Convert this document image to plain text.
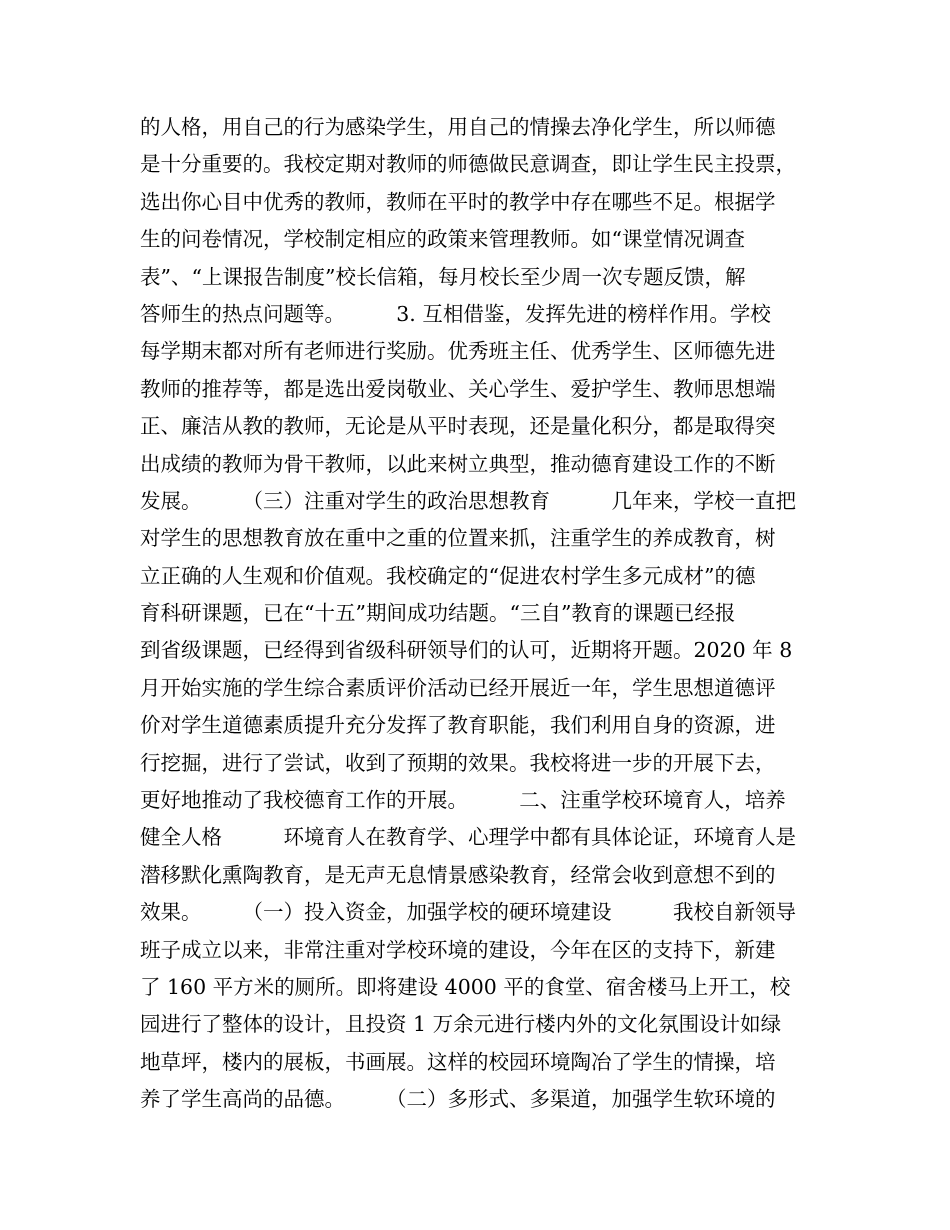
的人格，用自己的行为感染学生，用自己的情操去净化学生，所以师德
是十分重要的。我校定期对教师的师德做民意调查，即让学生民主投票，
选出你心目中优秀的教师，教师在平时的教学中存在哪些不足。根据学
生的问卷情况，学校制定相应的政策来管理教师。如“课堂情况调查
表”、“上课报告制度”校长信箱，每月校长至少周一次专题反馈，解
答师生的热点问题等。　　　3. 互相借鉴，发挥先进的榜样作用。学校
每学期末都对所有老师进行奖励。优秀班主任、优秀学生、区师德先进
教师的推荐等，都是选出爱岗敬业、关心学生、爱护学生、教师思想端
正、廉洁从教的教师，无论是从平时表现，还是量化积分，都是取得突
出成绩的教师为骨干教师，以此来树立典型，推动德育建设工作的不断
发展。　　　（三）注重对学生的政治思想教育　　　几年来，学校一直把
对学生的思想教育放在重中之重的位置来抓，注重学生的养成教育，树
立正确的人生观和价值观。我校确定的“促进农村学生多元成材”的德
育科研课题，已在“十五”期间成功结题。“三自”教育的课题已经报
到省级课题，已经得到省级科研领导们的认可，近期将开题。2020 年 8
月开始实施的学生综合素质评价活动已经开展近一年，学生思想道德评
价对学生道德素质提升充分发挥了教育职能，我们利用自身的资源，进
行挖掘，进行了尝试，收到了预期的效果。我校将进一步的开展下去，
更好地推动了我校德育工作的开展。　　　二、注重学校环境育人，培养
健全人格　　　环境育人在教育学、心理学中都有具体论证，环境育人是
潜移默化熏陶教育，是无声无息情景感染教育，经常会收到意想不到的
效果。　　　（一）投入资金，加强学校的硬环境建设　　　我校自新领导
班子成立以来，非常注重对学校环境的建设，今年在区的支持下，新建
了 160 平方米的厕所。即将建设 4000 平的食堂、宿舍楼马上开工，校
园进行了整体的设计，且投资 1 万余元进行楼内外的文化氛围设计如绿
地草坪，楼内的展板，书画展。这样的校园环境陶冶了学生的情操，培
养了学生高尚的品德。　　　（二）多形式、多渠道，加强学生软环境的
